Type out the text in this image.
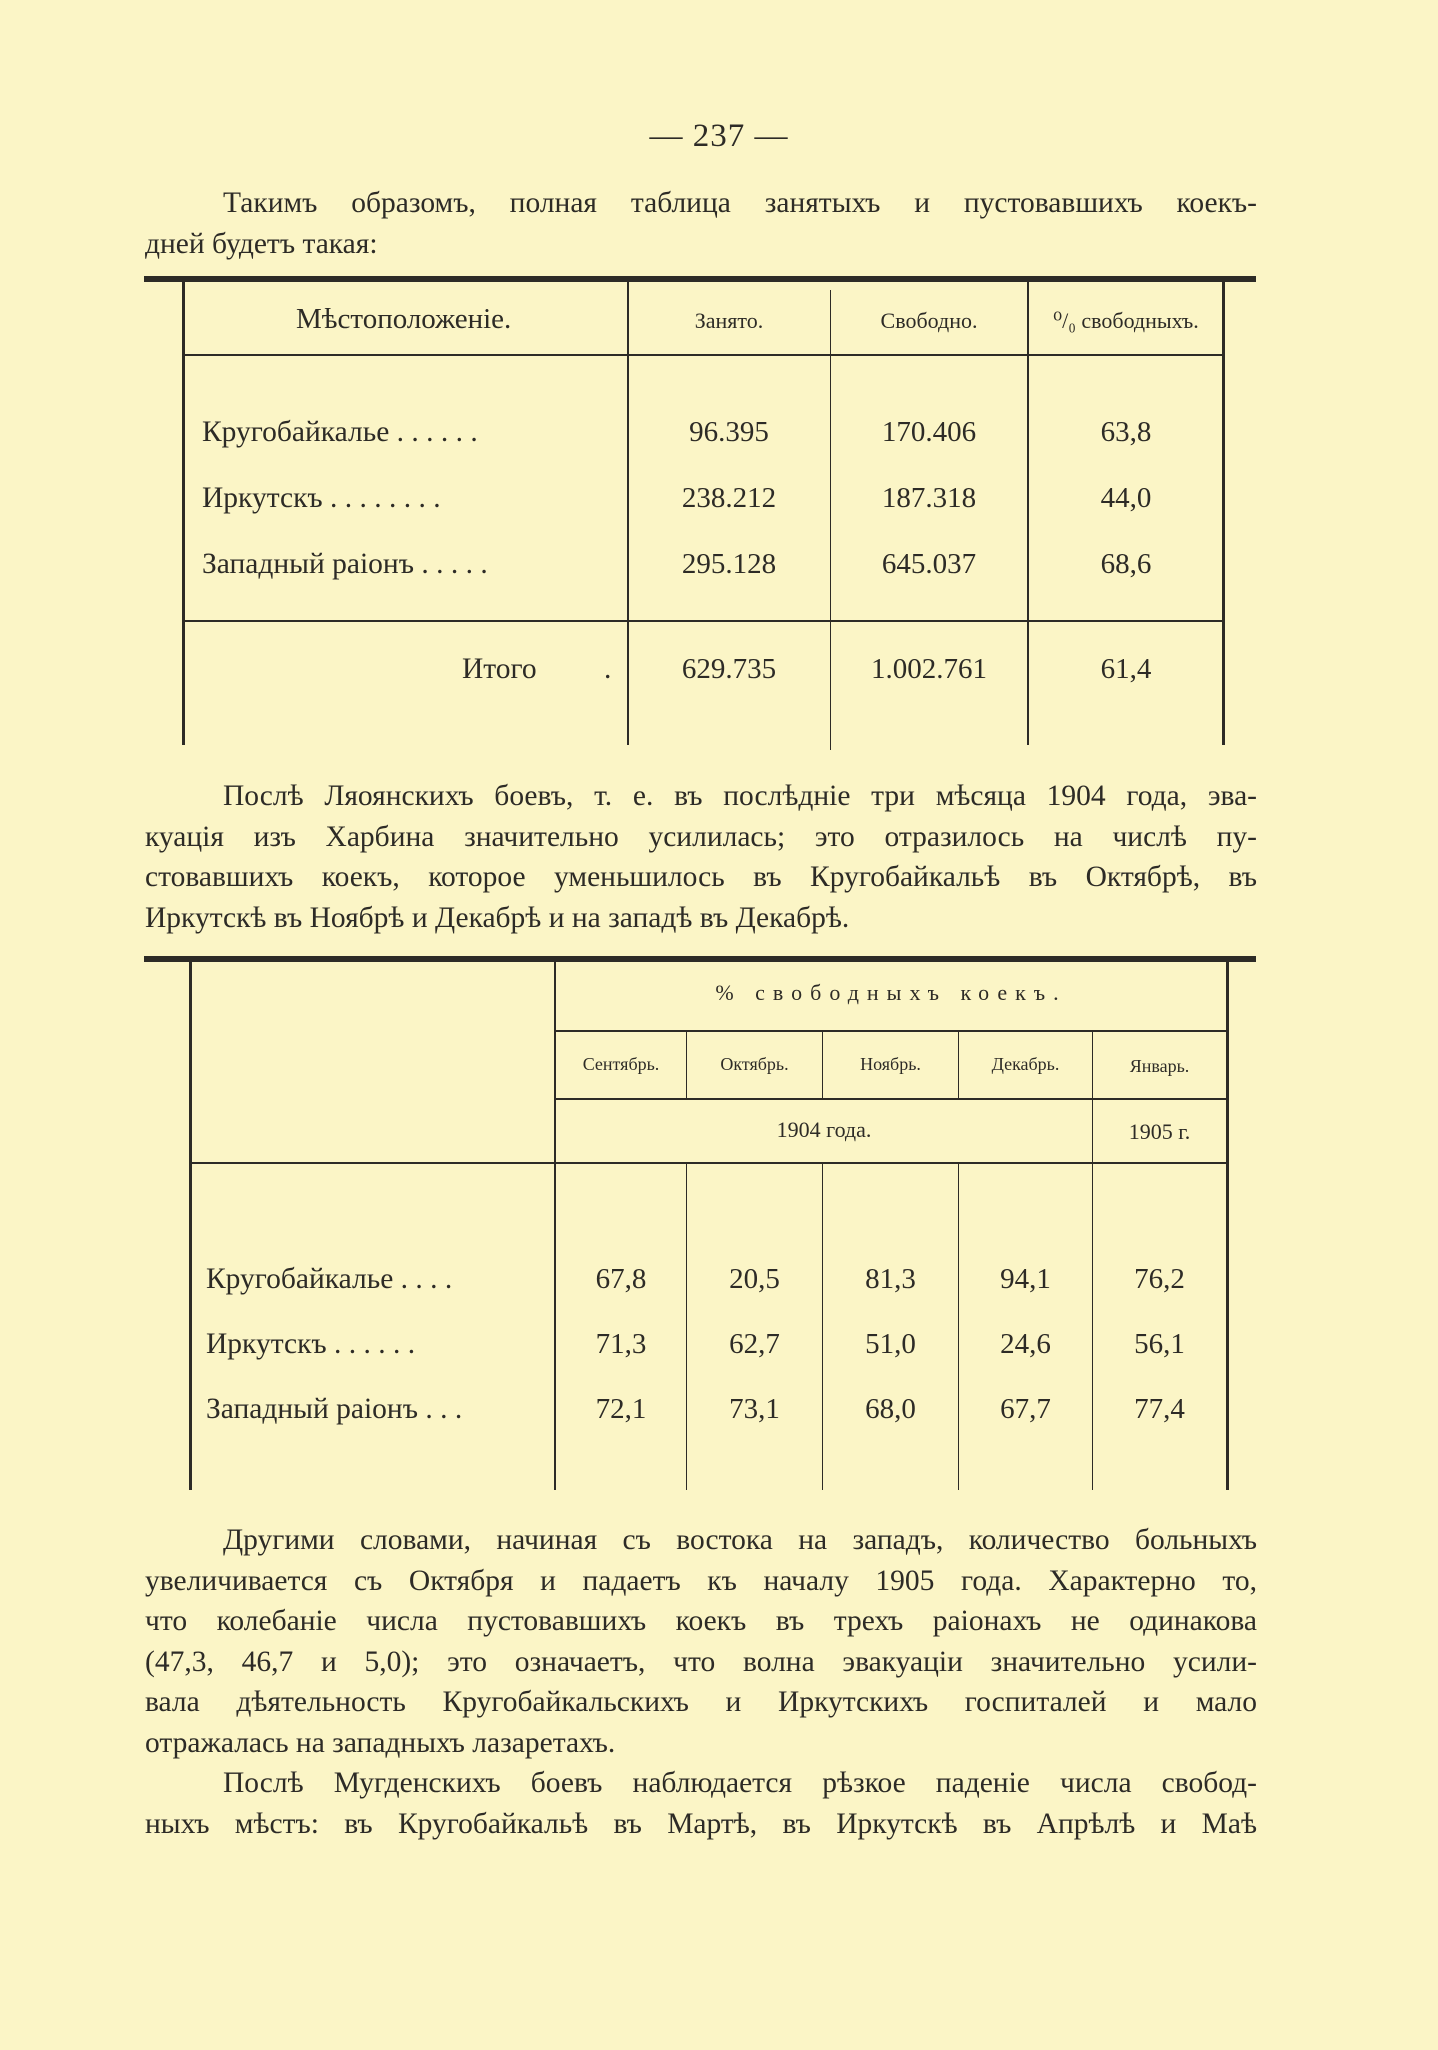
— 237 —
Такимъ образомъ, полная таблица занятыхъ и пустовавшихъ коекъ-
дней будетъ такая:
Мѣстоположеніе.	Занято.	Свободно.	⁰/₀ свободныхъ.
Кругобайкалье . . . . . .	96.395	170.406	63,8
Иркутскъ . . . . . . . .	238.212	187.318	44,0
Западный раіонъ . . . . .	295.128	645.037	68,6
Итого .	629.735	1.002.761	61,4
Послѣ Ляоянскихъ боевъ, т. е. въ послѣдніе три мѣсяца 1904 года, эва-
куація изъ Харбина значительно усилилась; это отразилось на числѣ пу-
стовавшихъ коекъ, которое уменьшилось въ Кругобайкальѣ въ Октябрѣ, въ
Иркутскѣ въ Ноябрѣ и Декабрѣ и на западѣ въ Декабрѣ.
% свободныхъ коекъ.
Сентябрь.	Октябрь.	Ноябрь.	Декабрь.	Январь.
1904 года.	1905 г.
Кругобайкалье . . . .	67,8	20,5	81,3	94,1	76,2
Иркутскъ . . . . . .	71,3	62,7	51,0	24,6	56,1
Западный раіонъ . . .	72,1	73,1	68,0	67,7	77,4
Другими словами, начиная съ востока на западъ, количество больныхъ
увеличивается съ Октября и падаетъ къ началу 1905 года. Характерно то,
что колебаніе числа пустовавшихъ коекъ въ трехъ раіонахъ не одинакова
(47,3, 46,7 и 5,0); это означаетъ, что волна эвакуаціи значительно усили-
вала дѣятельность Кругобайкальскихъ и Иркутскихъ госпиталей и мало
отражалась на западныхъ лазаретахъ.
Послѣ Мугденскихъ боевъ наблюдается рѣзкое паденіе числа свобод-
ныхъ мѣстъ: въ Кругобайкальѣ въ Мартѣ, въ Иркутскѣ въ Апрѣлѣ и Маѣ
